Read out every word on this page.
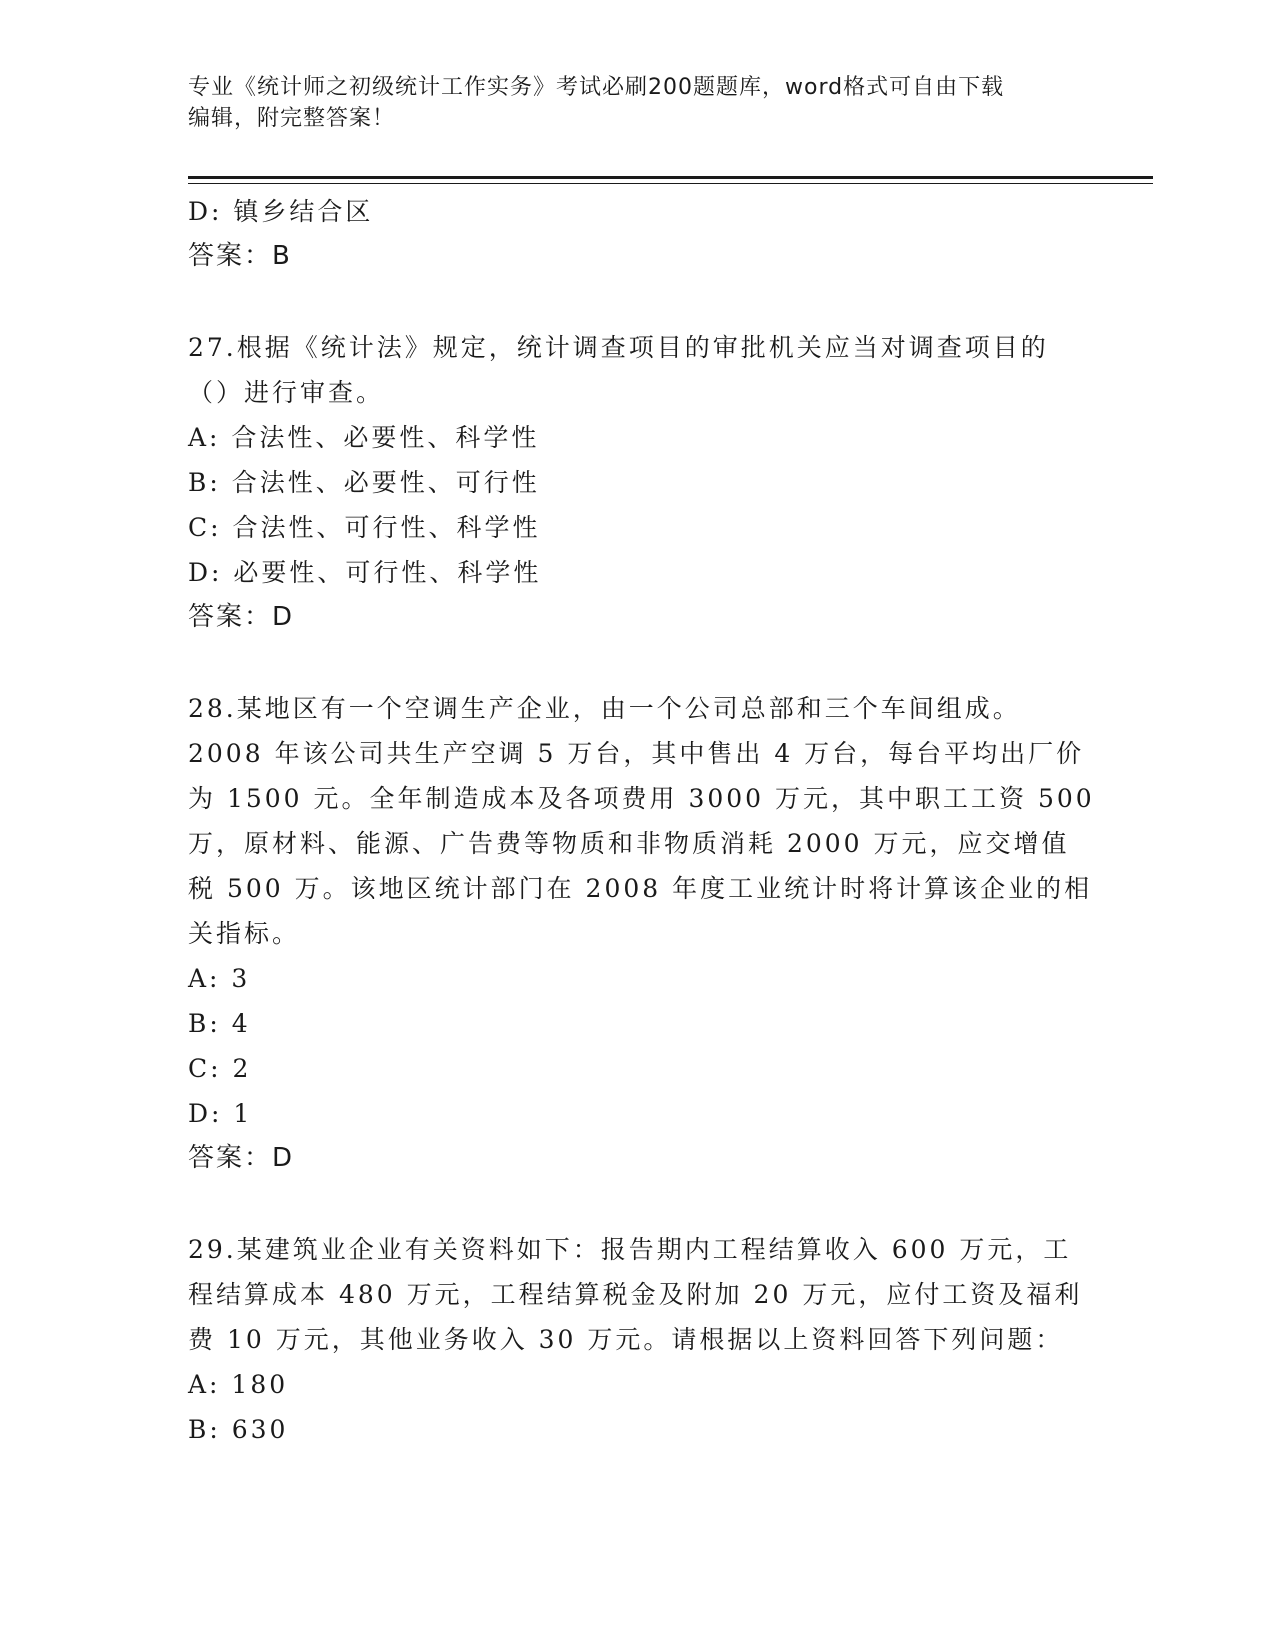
专业《统计师之初级统计工作实务》考试必刷200题题库，word格式可自由下载
编辑，附完整答案！
D: 镇乡结合区
答案：B
27.根据《统计法》规定，统计调查项目的审批机关应当对调查项目的
（）进行审查。
A: 合法性、必要性、科学性
B: 合法性、必要性、可行性
C: 合法性、可行性、科学性
D: 必要性、可行性、科学性
答案：D
28.某地区有一个空调生产企业，由一个公司总部和三个车间组成。
2008 年该公司共生产空调 5 万台，其中售出 4 万台，每台平均出厂价
为 1500 元。全年制造成本及各项费用 3000 万元，其中职工工资 500
万，原材料、能源、广告费等物质和非物质消耗 2000 万元，应交增值
税 500 万。该地区统计部门在 2008 年度工业统计时将计算该企业的相
关指标。
A: 3
B: 4
C: 2
D: 1
答案：D
29.某建筑业企业有关资料如下：报告期内工程结算收入 600 万元，工
程结算成本 480 万元，工程结算税金及附加 20 万元，应付工资及福利
费 10 万元，其他业务收入 30 万元。请根据以上资料回答下列问题：
A: 180
B: 630
